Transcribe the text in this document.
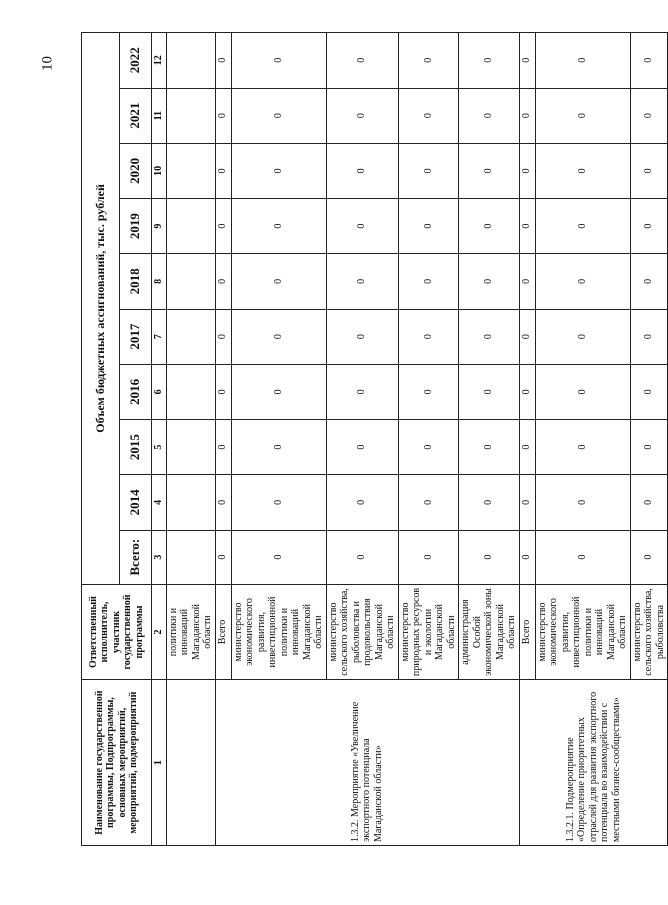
10
Наименование государственной программы, Подпрограммы, основных мероприятий, мероприятий, подмероприятий	Ответственный исполнитель, участник государственной программы	Объем бюджетных ассигнований, тыс. рублей									
		Всего:	2014	2015	2016	2017	2018	2019	2020	2021	2022
1	2	3	4	5	6	7	8	9	10	11	12
	политики и инноваций Магаданской области										
1.3.2. Мероприятие «Увеличение экспортного потенциала Магаданской области»	Всего	0	0	0	0	0	0	0	0	0	0
	министерство экономического развития, инвестиционной политики и инноваций Магаданской области	0	0	0	0	0	0	0	0	0	0
	министерство сельского хозяйства, рыболовства и продовольствия Магаданской области	0	0	0	0	0	0	0	0	0	0
	министерство природных ресурсов и экологии Магаданской области	0	0	0	0	0	0	0	0	0	0
	администрация Особой экономической зоны Магаданской области	0	0	0	0	0	0	0	0	0	0
1.3.2.1. Подмероприятие «Определение приоритетных отраслей для развития экспортного потенциала во взаимодействии с местными бизнес-сообществами»	Всего	0	0	0	0	0	0	0	0	0	0
	министерство экономического развития, инвестиционной политики и инноваций Магаданской области	0	0	0	0	0	0	0	0	0	0
	министерство сельского хозяйства, рыболовства	0	0	0	0	0	0	0	0	0	0
